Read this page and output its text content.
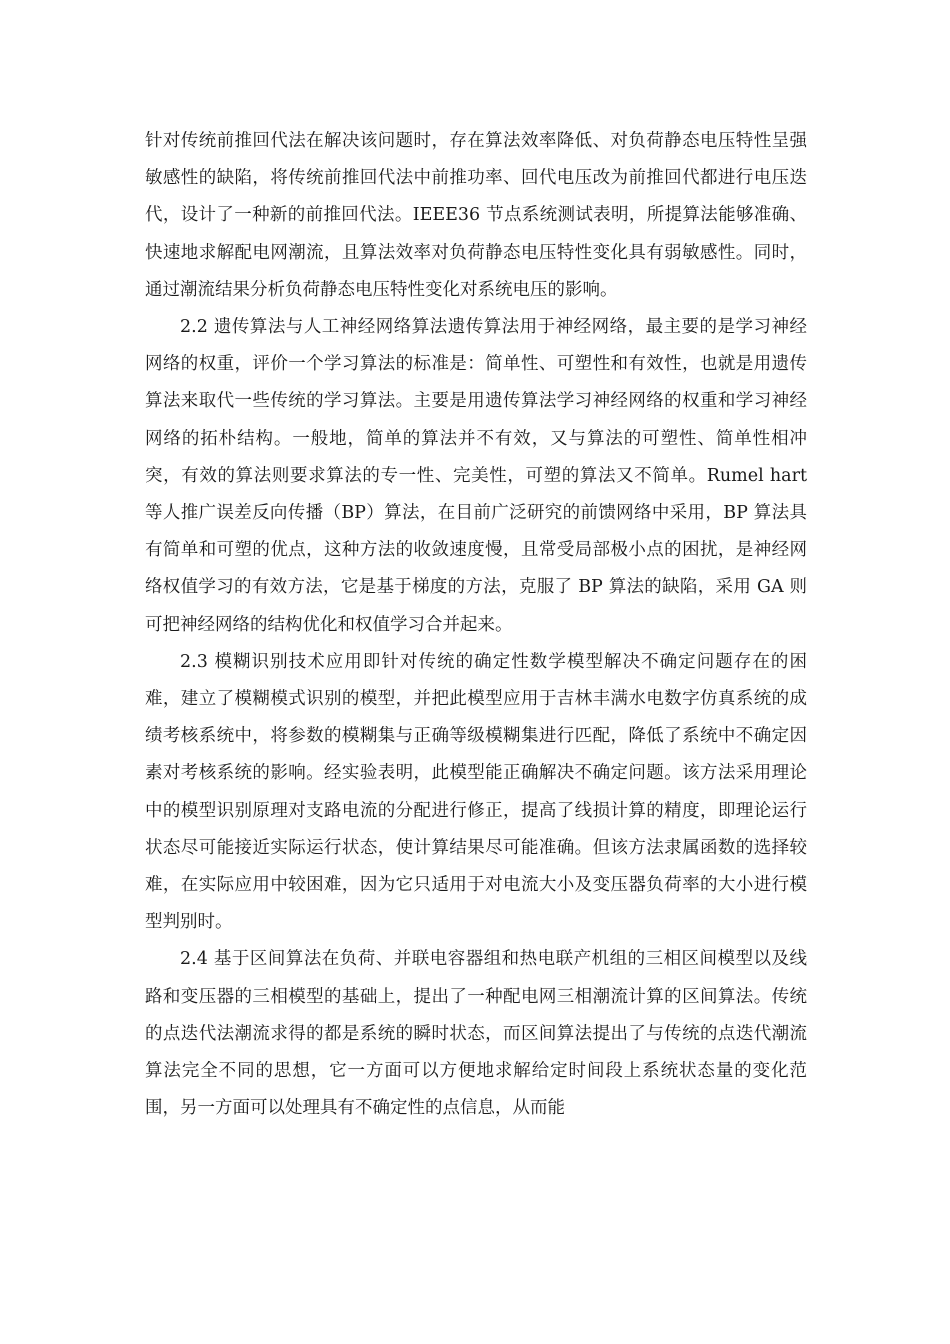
针对传统前推回代法在解决该问题时，存在算法效率降低、对负荷静态电压特性呈强敏感性的缺陷，将传统前推回代法中前推功率、回代电压改为前推回代都进行电压迭代，设计了一种新的前推回代法。IEEE36 节点系统测试表明，所提算法能够准确、快速地求解配电网潮流，且算法效率对负荷静态电压特性变化具有弱敏感性。同时，通过潮流结果分析负荷静态电压特性变化对系统电压的影响。

2.2 遗传算法与人工神经网络算法遗传算法用于神经网络，最主要的是学习神经网络的权重，评价一个学习算法的标准是：简单性、可塑性和有效性，也就是用遗传算法来取代一些传统的学习算法。主要是用遗传算法学习神经网络的权重和学习神经网络的拓朴结构。一般地，简单的算法并不有效，又与算法的可塑性、简单性相冲突，有效的算法则要求算法的专一性、完美性，可塑的算法又不简单。Rumel hart 等人推广误差反向传播（BP）算法，在目前广泛研究的前馈网络中采用，BP 算法具有简单和可塑的优点，这种方法的收敛速度慢，且常受局部极小点的困扰，是神经网络权值学习的有效方法，它是基于梯度的方法，克服了 BP 算法的缺陷，采用 GA 则可把神经网络的结构优化和权值学习合并起来。

2.3 模糊识别技术应用即针对传统的确定性数学模型解决不确定问题存在的困难，建立了模糊模式识别的模型，并把此模型应用于吉林丰满水电数字仿真系统的成绩考核系统中，将参数的模糊集与正确等级模糊集进行匹配，降低了系统中不确定因素对考核系统的影响。经实验表明，此模型能正确解决不确定问题。该方法采用理论中的模型识别原理对支路电流的分配进行修正，提高了线损计算的精度，即理论运行状态尽可能接近实际运行状态，使计算结果尽可能准确。但该方法隶属函数的选择较难，在实际应用中较困难，因为它只适用于对电流大小及变压器负荷率的大小进行模型判别时。

2.4 基于区间算法在负荷、并联电容器组和热电联产机组的三相区间模型以及线路和变压器的三相模型的基础上，提出了一种配电网三相潮流计算的区间算法。传统的点迭代法潮流求得的都是系统的瞬时状态，而区间算法提出了与传统的点迭代潮流算法完全不同的思想，它一方面可以方便地求解给定时间段上系统状态量的变化范围，另一方面可以处理具有不确定性的点信息，从而能
